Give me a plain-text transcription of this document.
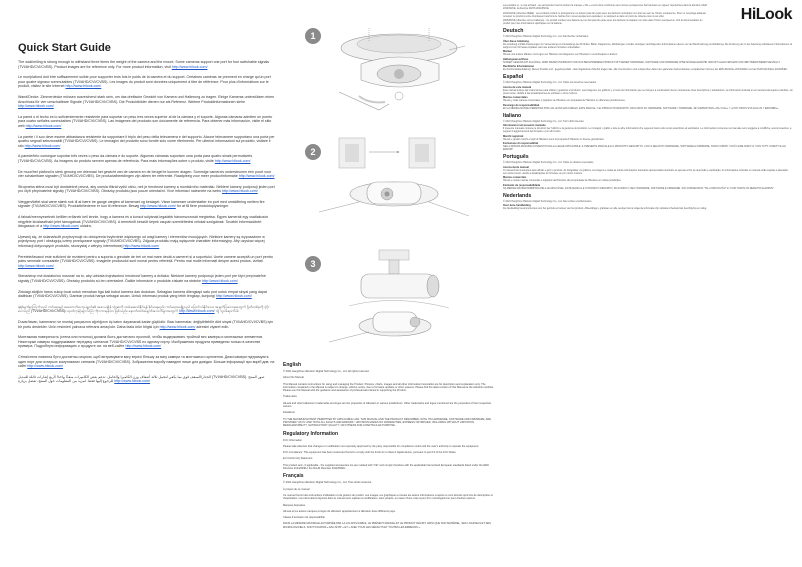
Quick Start Guide
The wall/ceiling is strong enough to withstand three times the weight of the camera and the mount. Some cameras support one port for four switchable signals (TVI/AHD/CVI/CVBS). Product images are for reference only. For more product information, visit http://www.hilook.com/
Le mur/plafond doit être suffisamment solide pour supporter trois fois le poids de la caméra et du support. Certaines caméras ne prennent en charge qu'un port pour quatre signaux commutables (TVI/AHD/CVI/CVBS). Les images du produit sont données uniquement à titre de référence. Pour plus d'informations sur le produit, visitez le site Internet http://www.hilook.com/
Wand/Decke. Zimmerdecke müssen ausreichend stark sein, um das dreifache Gewicht von Kamera und Halterung zu tragen. Einige Kameras unterstützen einen Anschluss für vier umschaltbare Signale (TVI/AHD/CVI/CVBS). Die Produktbilder dienen nur als Referenz. Weitere Produktinformationen siehe http://www.hilook.com/
La pared o el techo es lo suficientemente resistente para soportar un peso tres veces superior al de la cámara y el soporte. Algunas cámaras admiten un puerto para cuatro señales conmutables (TVI/AHD/CVI/CVBS). Las imágenes del producto son únicamente de referencia. Para obtener más información, visite el sitio web http://www.hilook.com/
La parete / il soo deve essere abbastanza resistente da sopportare il triplo del peso della telecamera e del supporto. Alcune telecamere supportano una porta per quattro segnali selezionabili (TVI/AHD/CVI/CVBS). Le immagini del prodotto sono fornite solo come riferimento. Per ulteriori informazioni sul prodotto, visitare il sito http://www.hilook.com/
A parede/teto consegue suportar três vezes o peso da câmara e do suporte. Algumas câmaras suportam uma porta para quatro sinais permutáveis (TVI/AHD/CVI/CVBS). As imagens do produto servem apenas de referência. Para mais informações sobre o produto, visite http://www.hilook.com/
De muur/het plafond is sterk genoeg om driemaal het gewicht van de camera en de beugel te kunnen dragen. Sommige camera's ondersteunen één poort voor vier schakelbare signalen (TVI/AHD/CVI/CVBS). De productafbeeldingen zijn alleen ter referentie. Raadpleeg voor meer productinformatie http://www.hilook.com/
Stropneba stěna musí být dostatečně pevná, aby unesla třikrát vyšší váhu, než je hmotnost kamery a montážního materiálu. Některé kamery podporují jeden port pro čtyři přepínatelné signály (TVI/AHD/CVI/CVBS). Obrázky produktu jsou pouze orientační. Více informací naleznete na webu http://www.hilook.com/
Væggen/loftet skal være stærk nok til at bære tre gange vægten af kameraet og beslaget. Visse kameraer understøtter én port med omskiftning mellem fire signaler (TVI/AHD/CVI/CVBS). Produktbillederne er kun til reference. Besøg http://www.hilook.com/ for at få flere produktoplysninger.
A falnak/mennyezetnek kellően erősnek kell lennie, hogy a kamera és a konzol súlyának legalább háromszorosát megtartsa. Egyes kamerák egy csatlakozón négyféle kiválasztható jelet támogatnak (TVI/AHD/CVI/CVBS). A termékről készült képek csupán szemléltetési célokat szolgálnak. További információkért látogasson el a http://www.hilook.com/ oldalra.
Upewnij się, że ściana/sufit przytrzymuje do obciążenia trzykrotnie większego od wagi kamery i elementów mocujących. Niektóre kamery są wyposażone w pojedynczy port i obsługują cztery przełączane sygnały (TVI/AHD/CVI/CVBS). Zdjęcia produktu mają wyłącznie charakter informacyjny. Aby uzyskać więcej informacji dotyczących produktu, skorzystaj z witryny internetowej http://www.hilook.com/
Peretele/tavanul este suficient de rezistent pentru a suporta o greutate de trei ori mai mare decât a camerei și a suportului. Unele camere acceptă un port pentru patru semnale comutabile (TVI/AHD/CVI/CVBS). Imaginile produsului sunt numai pentru referință. Pentru mai multe informații despre acest produs, vizitați http://www.hilook.com/
Stena/strop má dostatočnú nosnosť na to, aby udržala trojnásobnú hmotnosť kamery a držiaka. Niektoré kamery podporujú jeden port pre štyri prepínateľné signály (TVI/AHD/CVI/CVBS). Obrázky produktu sú len orientačné. Ďalšie informácie o produkte získate na stránke http://www.hilook.com/
Zidulagi atoljkin harus cukup kuat untuk menahan tiga kali bobot kamera dan dudukan. Sebagian kamera dilengkapi satu port untuk empat sinyal yang dapat dialihkan (TVI/AHD/CVI/CVBS). Gambar produk hanya sebagai acuan. Untuk informasi produk yang lebih lengkap, kunjungi http://www.hilook.com/
နံရံ/မျက်နှာကြက်သည် ကင်မရာနှင့် အထောက်အကူပစ္စည်း၏ အလေးချိန် သုံးဆကို ထမ်းဆောင်နိုင်ရန် ခိုင်မာရမည်။ ကင်မရာအချို့သည် ပြောင်းလဲနိုင်သော အချက်ပြလေးခုအတွက် ပို့တ်တစ်ခုကို ပံ့ပိုးပေးသည် (TVI/AHD/CVI/CVBS)။ ထုတ်ကုန်ပုံများသည် ကိုးကားရန်သာ ဖြစ်သည်။ နောက်ထပ်အချက်အလက်များအတွက် http://www.hilook.com/ သို့ သွားရောက်ပါ။
Duvar/tavan, kameranın ve montaj parçasının ağırlığının üç katını dayanacak kadar güçlüdür. Bazı kameralar, değiştirilebilir dört sinyal (TVI/AHD/CVI/CVBS) için bir portu destekler. Ürün resimleri yalnızca referans amaçlıdır. Daha fazla ürün bilgisi için http://www.hilook.com/ adresini ziyaret edin.
Монтажная поверхность (стена или потолок) должна быть достаточно прочной, чтобы выдерживать тройной вес камеры и монтажных элементов. Некоторые камеры поддерживают передачу сигналов TVI/AHD/CVI/CVBS по одному порту. Изображения продукта приведены только в качестве примера. Подробную информацию о продукте см. на веб-сайте http://www.hilook.com/
Стіна/стеля повинна бути достатньо міцною, щоб витримувати вагу втричі більшу за вагу камери та монтажного кріплення. Деякі камери підтримують один порт для чотирьох комутованих сигналів (TVI/AHD/CVI/CVBS). Зображення виробу наведені лише для довідки. Більше інформації про виріб див. на сайті http://www.hilook.com/
الجدار/السقف قوي بما يكفي لتحمل ثلاثة أضعاف وزن الكاميرا والحامل. تدعم بعض الكاميرات منفذًا واحدًا لأربع إشارات قابلة للتبديل (TVI/AHD/CVI/CVBS). صور المنتج للرجوع إليها فقط. لمزيد من المعلومات حول المنتج، تفضل بزيارة http://www.hilook.com/
1
2
3
English
© 2021 Hangzhou Hikvision Digital Technology Co., Ltd. All rights reserved.
About this Manual
This Manual contains instructions for using and managing the Product. Pictures, charts, images and all other information hereinafter are for description and explanation only. The information contained in the Manual is subject to change, without notice, due to firmware updates or other reasons. Please find the latest version of this Manual at the Hikvision website. Please use this Manual with the guidance and assistance of professionals trained in supporting the Product.
Trademarks
HiLook and other Hikvision's trademarks and logos are the properties of Hikvision in various jurisdictions. Other trademarks and logos mentioned are the properties of their respective owners.
Disclaimer
TO THE MAXIMUM EXTENT PERMITTED BY APPLICABLE LAW, THIS MANUAL AND THE PRODUCT DESCRIBED, WITH ITS HARDWARE, SOFTWARE AND FIRMWARE, ARE PROVIDED "AS IS" AND "WITH ALL FAULTS AND ERRORS". HIKVISION MAKES NO WARRANTIES, EXPRESS OR IMPLIED, INCLUDING WITHOUT LIMITATION, MERCHANTABILITY, SATISFACTORY QUALITY, OR FITNESS FOR A PARTICULAR PURPOSE.
Regulatory Information
FCC Information
Please take attention that changes or modification not expressly approved by the party responsible for compliance could void the user's authority to operate the equipment.
FCC compliance: This equipment has been tested and found to comply with the limits for a Class A digital device, pursuant to part 15 of the FCC Rules.
EU Conformity Statement
This product and - if applicable - the supplied accessories too are marked with "CE" and comply therefore with the applicable harmonized European standards listed under the EMC Directive 2014/30/EU, the RoHS Directive 2011/65/EU.
Français
© 2021 Hangzhou Hikvision Digital Technology Co., Ltd. Tous droits réservés.
À propos de ce manuel
Ce manuel fournit des instructions d'utilisation et de gestion du produit. Les images, les graphiques et toutes les autres informations ci-après ne sont donnés qu'à titre de description et d'explication. Les informations figurant dans le manuel sont sujettes à modification, sans préavis, en raison d'une mise à jour d'un micrologiciel ou pour d'autres raisons.
Marques déposées
HiLook et les autres marques et logos de Hikvision appartiennent à Hikvision dans différents pays.
Clause d'exclusion de responsabilité
DANS LA MESURE MAXIMALE AUTORISÉE PAR LA LOI APPLICABLE, LE PRÉSENT MANUEL ET LE PRODUIT DÉCRIT, AINSI QUE SON MATÉRIEL, SES LOGICIELS ET SES MICROLOGICIELS, SONT FOURNIS « EN L'ÉTAT » ET « AVEC TOUS LES DÉFAUTS ET TOUTES LES ERREURS ».
HiLook
Les produits et - le cas échéant - les accessoires fournis portent la marque « CE » et sont donc conformes aux normes européennes harmonisées en vigueur répertoriées dans la directive CEM 2014/30/UE, la directive RoHS 2011/65/UE.
2012/19/UE (directive DEEE) : Les produits portant ce pictogramme ne doivent pas être jetés avec les déchets municipaux non triés au sein de l'Union européenne. Pour un recyclage adéquat, remettez ce produit à votre fournisseur local lors de l'achat d'un nouvel équipement équivalent, ou déposez-le dans un point de collecte prévu à cet effet.
2006/66/CE (directive sur les batteries) : Ce produit contient une batterie qui ne doit pas être jetée avec les déchets municipaux non triés dans l'Union européenne. Voir la documentation du produit pour des informations spécifiques sur la batterie.
Deutsch
© 2021 Hangzhou Hikvision Digital Technology Co., Ltd. Alle Rechte vorbehalten.
Über diese Anleitung
Die Anleitung enthält Anweisungen zur Verwendung und Verwaltung des Produkts. Bilder, Diagramme, Abbildungen und alle sonstigen nachfolgenden Informationen dienen nur der Beschreibung und Erklärung. Die Änderung der in der Anleitung enthaltenen Informationen ist aufgrund von Firmware-Updates oder aus anderen Gründen vorbehalten.
Marken
HiLook und andere Marken und Logos von Hikvision sind Eigentum von Hikvision in verschiedenen Ländern.
Haftungsausschluss
SOWEIT GESETZLICH ZULÄSSIG, WIRD DIESES HANDBUCH UND DAS BESCHRIEBENE PRODUKT MIT SEINER HARDWARE, SOFTWARE UND FIRMWARE OHNE MÄNGELGEWÄHR UND MIT ALLEN FEHLERN UND IRRTÜMERN BEREITGESTELLT.
Rechtliche Informationen
EU-Konformitätserklärung: Dieses Produkt und - gegebenenfalls - das mitgelieferte Zubehör tragen das „CE“-Kennzeichen und entsprechen daher den geltenden harmonisierten europäischen Normen der EMV-Richtlinie 2014/30/EU und der RoHS-Richtlinie 2011/65/EU.
Español
© 2021 Hangzhou Hikvision Digital Technology Co., Ltd. Todos los derechos reservados.
Acerca de este manual
Este manual incluye las instrucciones para utilizar y gestionar el producto. Las imágenes, los gráficos y el resto de información que se incluyen a continuación tienen únicamente fines descriptivos y aclaratorios. La información incluida en el manual está sujeta a cambios, sin previo aviso, debido a las actualizaciones de software u otros motivos.
Marcas comerciales
HiLook y otras marcas comerciales y logotipos de Hikvision son propiedad de Hikvision en diferentes jurisdicciones.
Descargo de responsabilidad
EN LA MEDIDA MÁXIMA PERMITIDA POR LAS LEYES APLICABLES, ESTE MANUAL Y EL PRODUCTO DESCRITO, INCLUIDOS SU HARDWARE, SOFTWARE Y FIRMWARE, SE SUMINISTRAN «TAL CUAL» Y «CON TODOS SUS FALLOS Y ERRORES».
Italiano
© 2021 Hangzhou Hikvision Digital Technology Co., Ltd. Tutti i diritti riservati.
Informazioni sul presente manuale
Il presente manuale contiene le istruzioni per l'utilizzo e la gestione del prodotto. Le immagini, i grafici e tutte le altre informazioni che seguono hanno solo scopo descrittivo ed esplicativo. Le informazioni contenute nel manuale sono soggette a modifiche, senza preavviso, a seguito di aggiornamenti del firmware o per altri motivi.
Marchi registrati
HiLook e gli altri marchi e loghi di Hikvision sono di proprietà di Hikvision in diverse giurisdizioni.
Esclusione di responsabilità
NELLA MISURA MASSIMA CONSENTITA DALLA LEGGE APPLICABILE, IL PRESENTE MANUALE E IL PRODOTTO DESCRITTO, CON IL RELATIVO HARDWARE, SOFTWARE E FIRMWARE, SONO FORNITI "COSÌ COME SONO" E "CON TUTTI I DIFETTI E GLI ERRORI".
Português
© 2021 Hangzhou Hikvision Digital Technology Co., Ltd. Todos os direitos reservados.
Acerca deste manual
O manual inclui instruções para utilizar e gerir o produto. As fotografias, os gráficos, as imagens e todas as outras informações doravante apresentadas destinam-se apenas a fins de descrição e explicação. As informações incluídas no manual estão sujeitas a alteração, sem aviso prévio, devido a atualizações de firmware ou por outros motivos.
Marcas comerciais
HiLook e outras marcas comerciais e logótipos da Hikvision são propriedade da Hikvision em várias jurisdições.
Exclusão de responsabilidade
NA MEDIDA MÁXIMA PERMITIDA PELA LEI APLICÁVEL, ESTE MANUAL E O PRODUTO DESCRITO, INCLUINDO O SEU HARDWARE, SOFTWARE E FIRMWARE, SÃO FORNECIDOS "TAL COMO ESTÃO" E "COM TODOS OS DEFEITOS E ERROS".
Nederlands
© 2021 Hangzhou Hikvision Digital Technology Co., Ltd. Alle rechten voorbehouden.
Over deze handleiding
De handleiding bevat instructies voor het gebruik en beheer van het product. Afbeeldingen, grafieken en alle overige hierna volgende informatie zijn uitsluitend bedoeld als beschrijving en uitleg.
